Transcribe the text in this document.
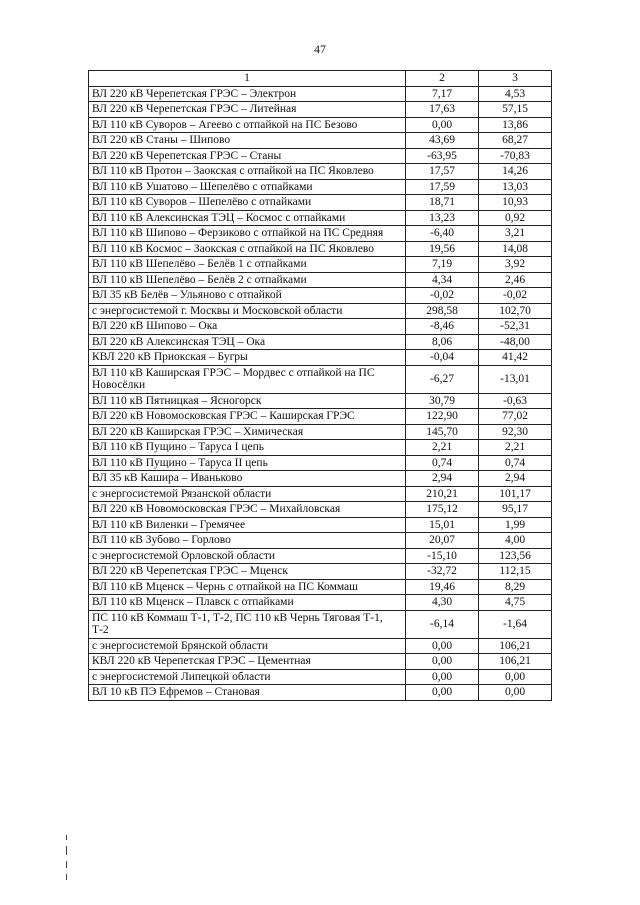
47
1	2	3
ВЛ 220 кВ Черепетская ГРЭС – Электрон	7,17	4,53
ВЛ 220 кВ Черепетская ГРЭС – Литейная	17,63	57,15
ВЛ 110 кВ Суворов – Агеево с отпайкой на ПС Безово	0,00	13,86
ВЛ 220 кВ Станы – Шипово	43,69	68,27
ВЛ 220 кВ Черепетская ГРЭС – Станы	-63,95	-70,83
ВЛ 110 кВ Протон – Заокская с отпайкой на ПС Яковлево	17,57	14,26
ВЛ 110 кВ Ушатово – Шепелёво с отпайками	17,59	13,03
ВЛ 110 кВ Суворов – Шепелёво с отпайками	18,71	10,93
ВЛ 110 кВ Алексинская ТЭЦ – Космос с отпайками	13,23	0,92
ВЛ 110 кВ Шипово – Ферзиково с отпайкой на ПС Средняя	-6,40	3,21
ВЛ 110 кВ Космос – Заокская с отпайкой на ПС Яковлево	19,56	14,08
ВЛ 110 кВ Шепелёво – Белёв 1 с отпайками	7,19	3,92
ВЛ 110 кВ Шепелёво – Белёв 2 с отпайками	4,34	2,46
ВЛ 35 кВ Белёв – Ульяново с отпайкой	-0,02	-0,02
с энергосистемой г. Москвы и Московской области	298,58	102,70
ВЛ 220 кВ Шипово – Ока	-8,46	-52,31
ВЛ 220 кВ Алексинская ТЭЦ – Ока	8,06	-48,00
КВЛ 220 кВ Приокская – Бугры	-0,04	41,42
ВЛ 110 кВ Каширская ГРЭС – Мордвес с отпайкой на ПС Новосёлки	-6,27	-13,01
ВЛ 110 кВ Пятницкая – Ясногорск	30,79	-0,63
ВЛ 220 кВ Новомосковская ГРЭС – Каширская ГРЭС	122,90	77,02
ВЛ 220 кВ Каширская ГРЭС – Химическая	145,70	92,30
ВЛ 110 кВ Пущино – Таруса I цепь	2,21	2,21
ВЛ 110 кВ Пущино – Таруса II цепь	0,74	0,74
ВЛ 35 кВ Кашира – Иваньково	2,94	2,94
с энергосистемой Рязанской области	210,21	101,17
ВЛ 220 кВ Новомосковская ГРЭС – Михайловская	175,12	95,17
ВЛ 110 кВ Виленки – Гремячее	15,01	1,99
ВЛ 110 кВ Зубово – Горлово	20,07	4,00
с энергосистемой Орловской области	-15,10	123,56
ВЛ 220 кВ Черепетская ГРЭС – Мценск	-32,72	112,15
ВЛ 110 кВ Мценск – Чернь с отпайкой на ПС Коммаш	19,46	8,29
ВЛ 110 кВ Мценск – Плавск с отпайками	4,30	4,75
ПС 110 кВ Коммаш Т-1, Т-2, ПС 110 кВ Чернь Тяговая Т-1, Т-2	-6,14	-1,64
с энергосистемой Брянской области	0,00	106,21
КВЛ 220 кВ Черепетская ГРЭС – Цементная	0,00	106,21
с энергосистемой Липецкой области	0,00	0,00
ВЛ 10 кВ ПЭ Ефремов – Становая	0,00	0,00
